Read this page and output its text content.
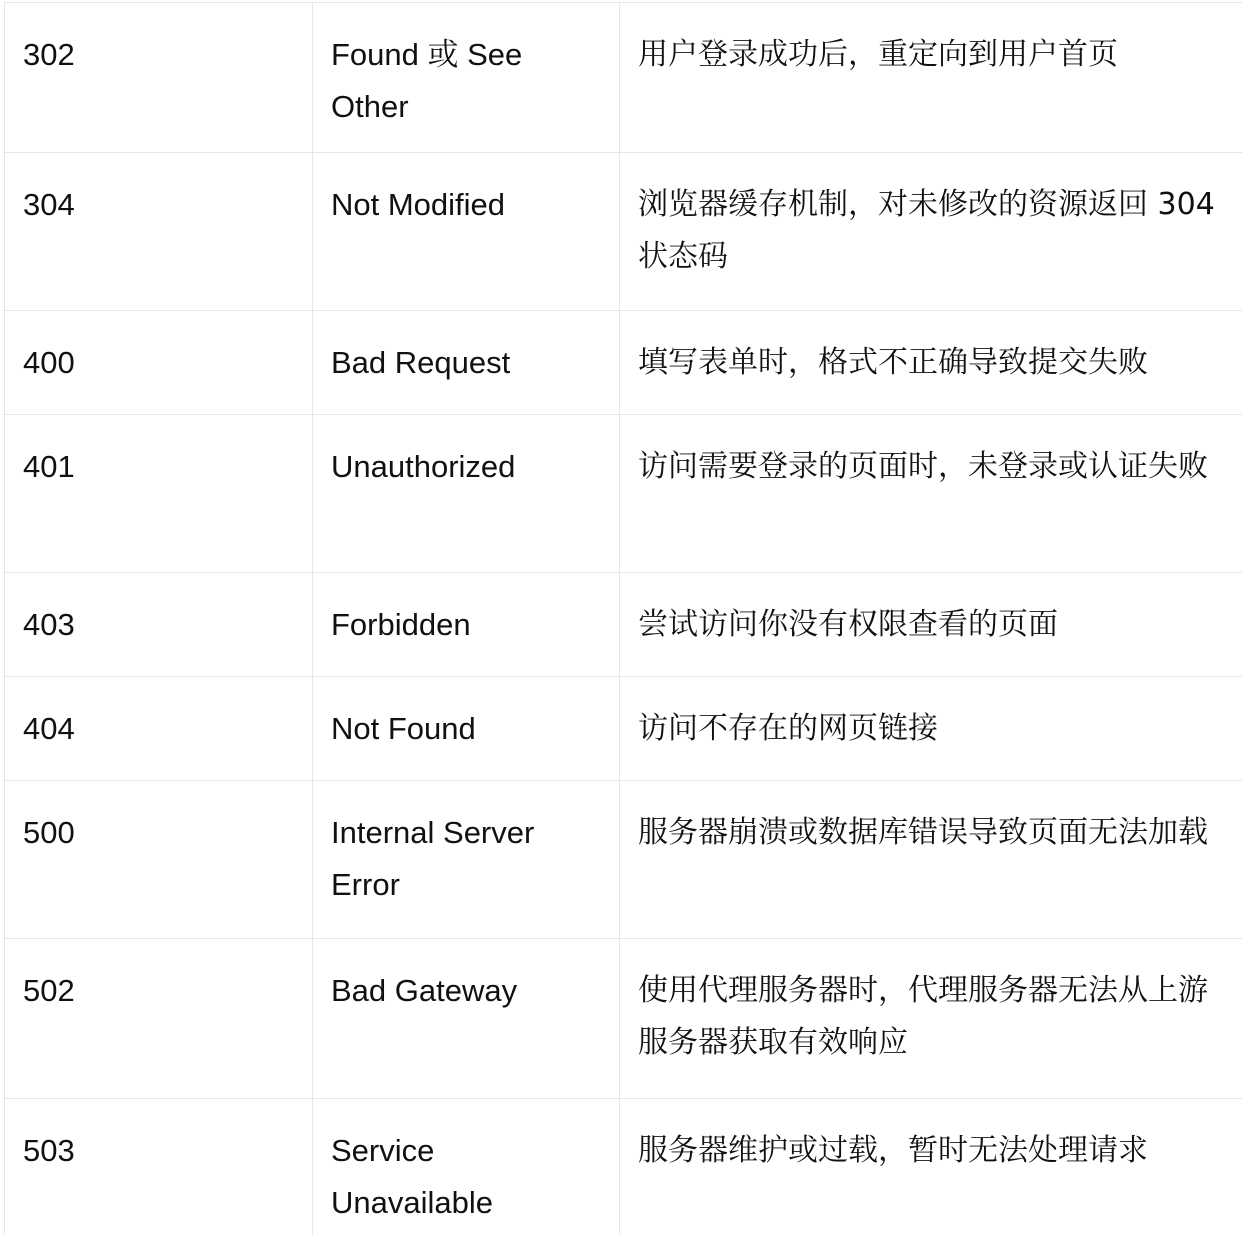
302	Found 或 See Other	用户登录成功后，重定向到用户首页
304	Not Modified	浏览器缓存机制，对未修改的资源返回 304 状态码
400	Bad Request	填写表单时，格式不正确导致提交失败
401	Unauthorized	访问需要登录的页面时，未登录或认证失败
403	Forbidden	尝试访问你没有权限查看的页面
404	Not Found	访问不存在的网页链接
500	Internal Server Error	服务器崩溃或数据库错误导致页面无法加载
502	Bad Gateway	使用代理服务器时，代理服务器无法从上游服务器获取有效响应
503	Service Unavailable	服务器维护或过载，暂时无法处理请求
